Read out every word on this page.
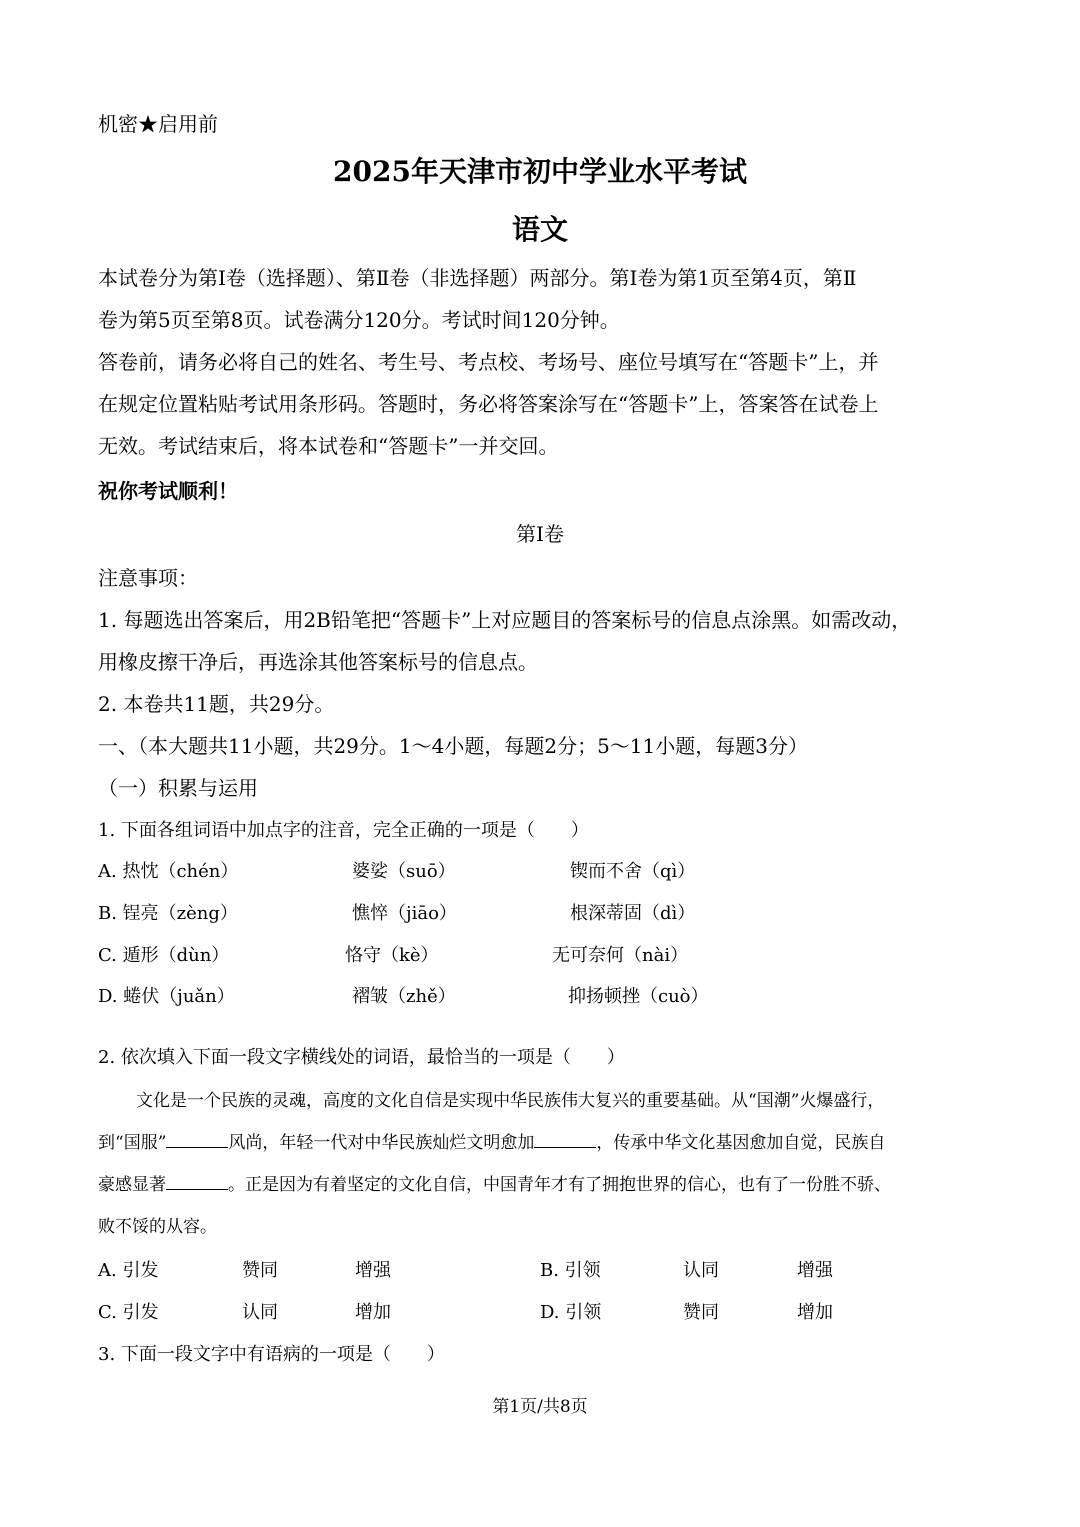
机密★启用前
2025年天津市初中学业水平考试
语文
本试卷分为第Ⅰ卷（选择题）、第Ⅱ卷（非选择题）两部分。第Ⅰ卷为第1页至第4页，第Ⅱ
卷为第5页至第8页。试卷满分120分。考试时间120分钟。
答卷前，请务必将自己的姓名、考生号、考点校、考场号、座位号填写在“答题卡”上，并
在规定位置粘贴考试用条形码。答题时，务必将答案涂写在“答题卡”上，答案答在试卷上
无效。考试结束后，将本试卷和“答题卡”一并交回。
祝你考试顺利！
第Ⅰ卷
注意事项：
1. 每题选出答案后，用2B铅笔把“答题卡”上对应题目的答案标号的信息点涂黑。如需改动，
用橡皮擦干净后，再选涂其他答案标号的信息点。
2. 本卷共11题，共29分。
一、（本大题共11小题，共29分。1～4小题，每题2分；5～11小题，每题3分）
（一）积累与运用
1. 下面各组词语中加点字的注音，完全正确的一项是（　　）
A. 热忱（chén）	婆娑（suō）	锲而不舍（qì）
B. 锃亮（zèng）	憔悴（jiāo）	根深蒂固（dì）
C. 遁形（dùn）	恪守（kè）	无可奈何（nài）
D. 蜷伏（juǎn）	褶皱（zhě）	抑扬顿挫（cuò）
2. 依次填入下面一段文字横线处的词语，最恰当的一项是（　　）
文化是一个民族的灵魂，高度的文化自信是实现中华民族伟大复兴的重要基础。从“国潮”火爆盛行，
到“国服”	风尚，年轻一代对中华民族灿烂文明愈加	，传承中华文化基因愈加自觉，民族自
豪感显著	。正是因为有着坚定的文化自信，中国青年才有了拥抱世界的信心，也有了一份胜不骄、
败不馁的从容。
A. 引发	赞同	增强	B. 引领	认同	增强
C. 引发	认同	增加	D. 引领	赞同	增加
3. 下面一段文字中有语病的一项是（　　）
第1页/共8页
